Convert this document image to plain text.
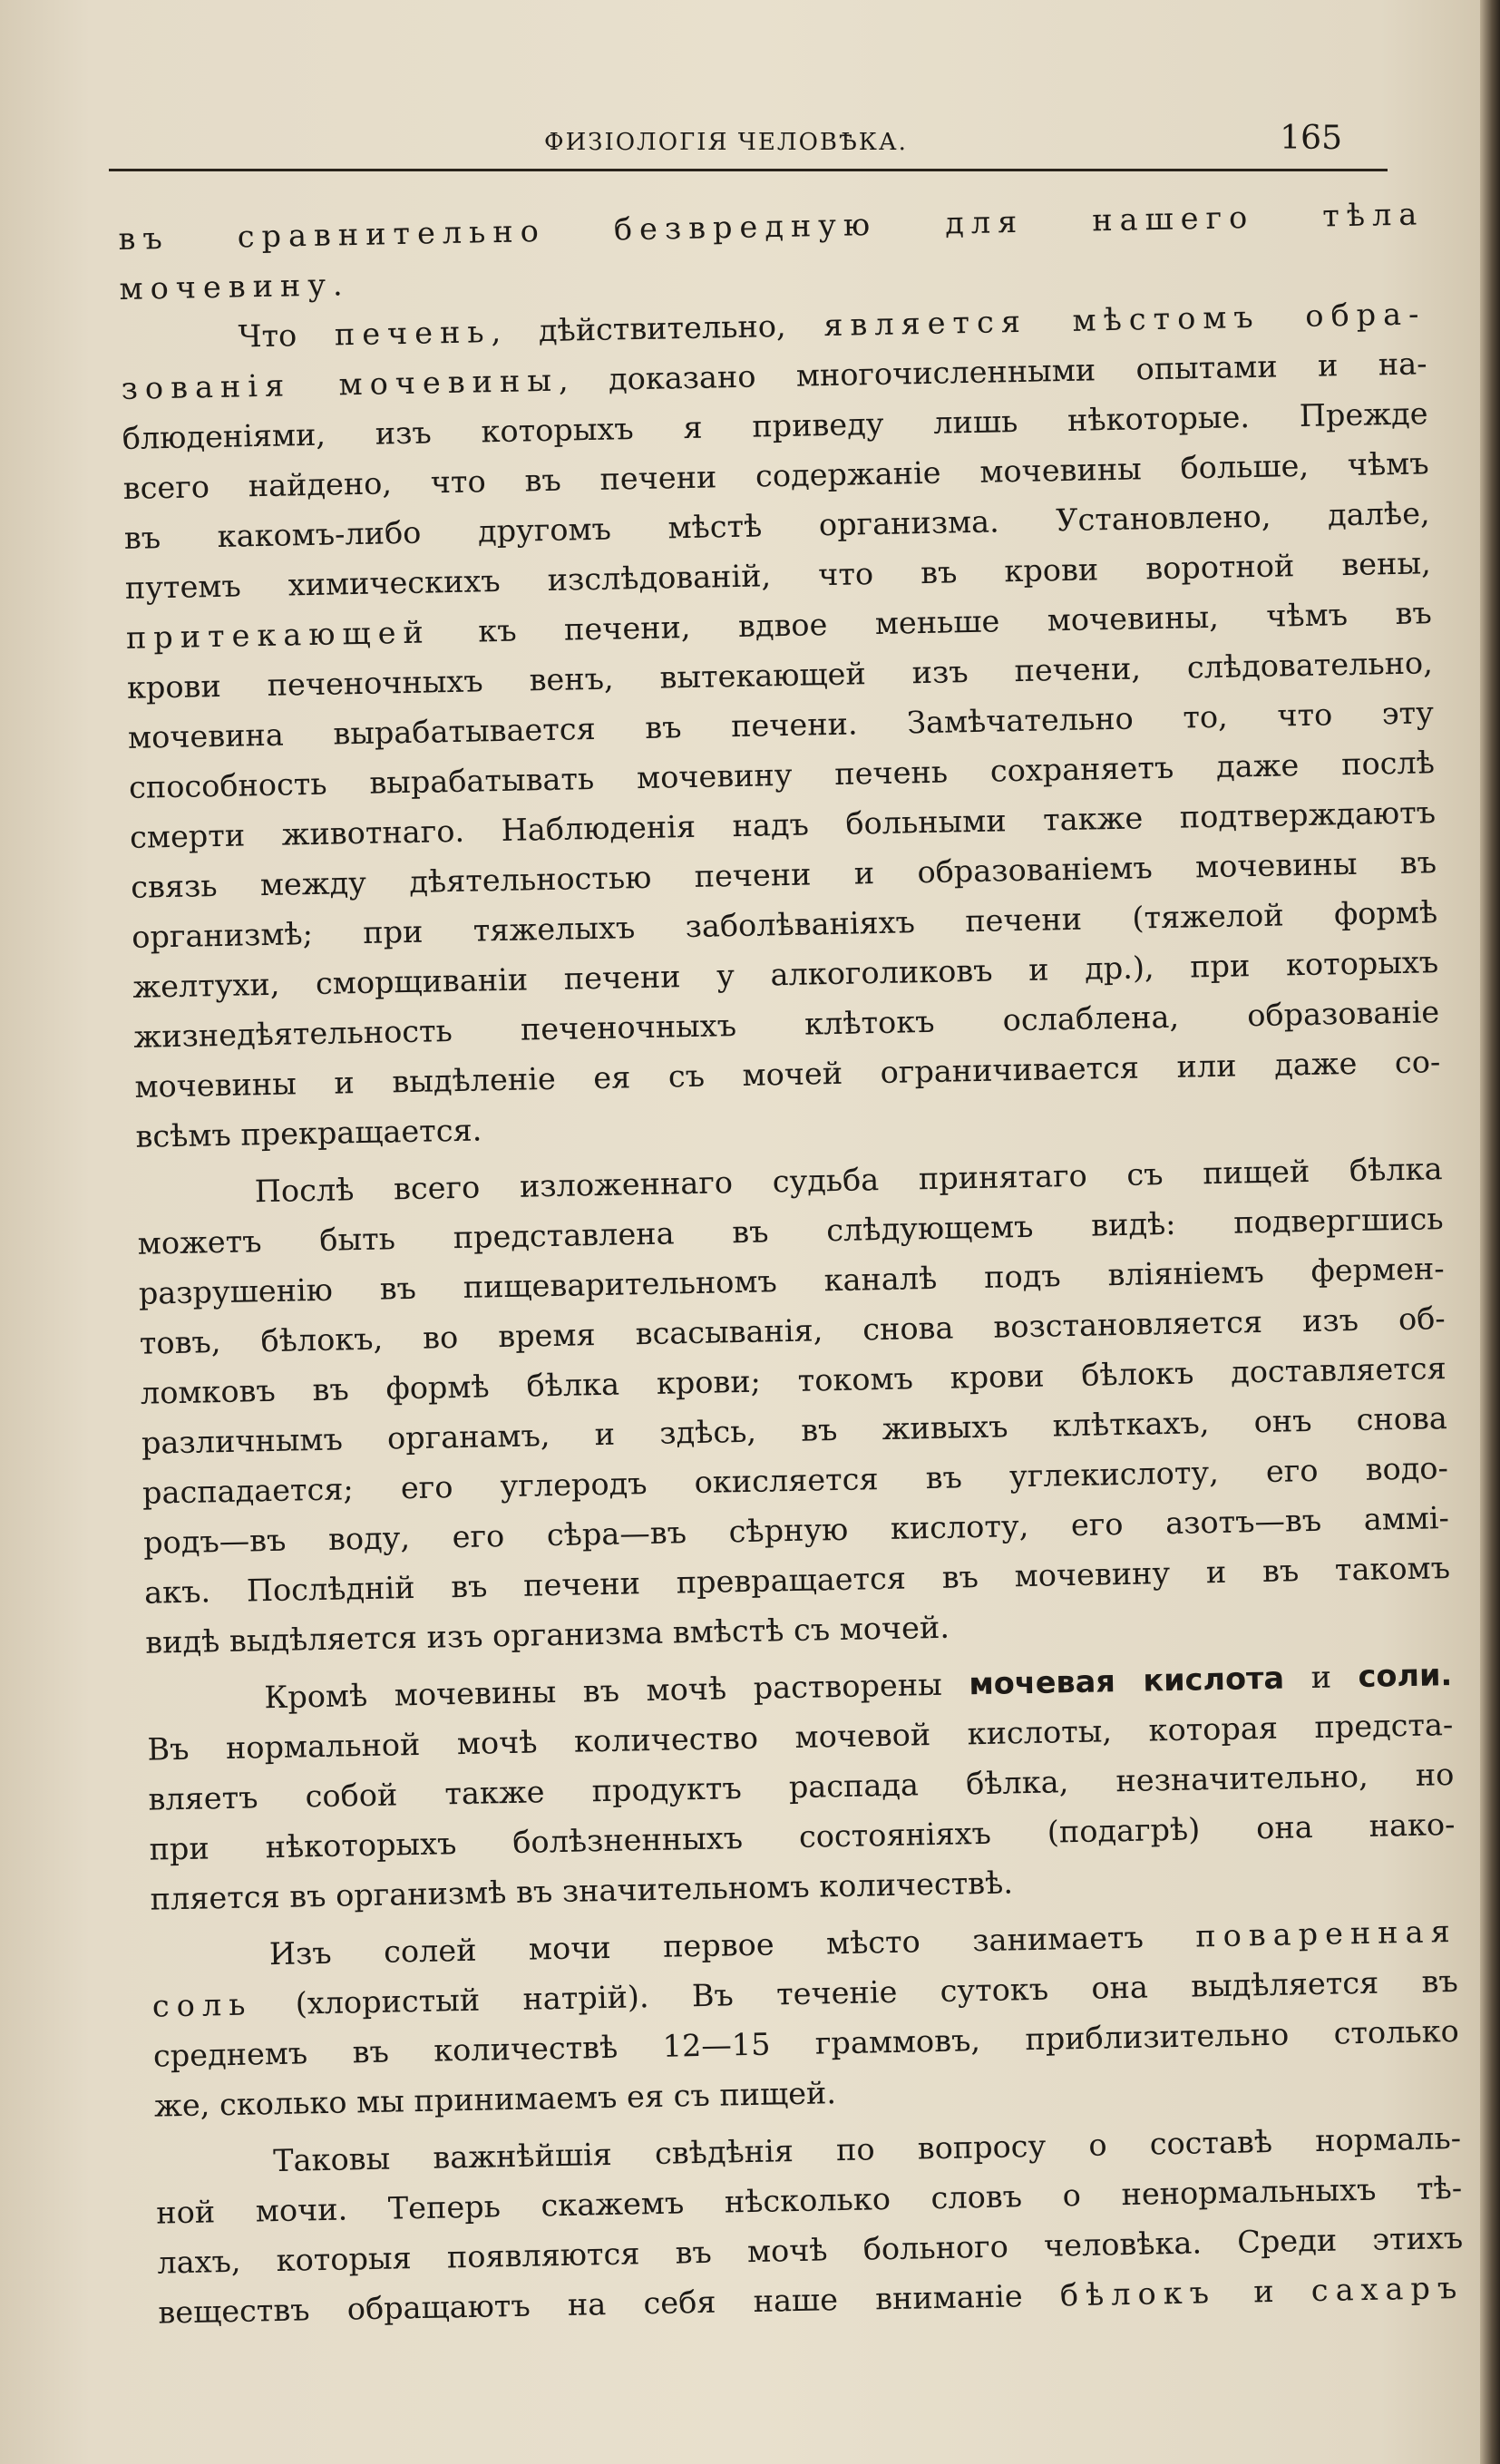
ФИЗІОЛОГІЯ ЧЕЛОВѢКА.	165
въ сравнительно безвредную для нашего тѣла
мочевину.
Что печень, дѣйствительно, является мѣстомъ обра-
зованія мочевины, доказано многочисленными опытами и на-
блюденіями, изъ которыхъ я приведу лишь нѣкоторые. Прежде
всего найдено, что въ печени содержаніе мочевины больше, чѣмъ
въ какомъ-либо другомъ мѣстѣ организма. Установлено, далѣе,
путемъ химическихъ изслѣдованій, что въ крови воротной вены,
притекающей къ печени, вдвое меньше мочевины, чѣмъ въ
крови печеночныхъ венъ, вытекающей изъ печени, слѣдовательно,
мочевина вырабатывается въ печени. Замѣчательно то, что эту
способность вырабатывать мочевину печень сохраняетъ даже послѣ
смерти животнаго. Наблюденія надъ больными также подтверждаютъ
связь между дѣятельностью печени и образованіемъ мочевины въ
организмѣ; при тяжелыхъ заболѣваніяхъ печени (тяжелой формѣ
желтухи, сморщиваніи печени у алкоголиковъ и др.), при которыхъ
жизнедѣятельность печеночныхъ клѣтокъ ослаблена, образованіе
мочевины и выдѣленіе ея съ мочей ограничивается или даже со-
всѣмъ прекращается.
Послѣ всего изложеннаго судьба принятаго съ пищей бѣлка
можетъ быть представлена въ слѣдующемъ видѣ: подвергшись
разрушенію въ пищеварительномъ каналѣ подъ вліяніемъ фермен-
товъ, бѣлокъ, во время всасыванія, снова возстановляется изъ об-
ломковъ въ формѣ бѣлка крови; токомъ крови бѣлокъ доставляется
различнымъ органамъ, и здѣсь, въ живыхъ клѣткахъ, онъ снова
распадается; его углеродъ окисляется въ углекислоту, его водо-
родъ—въ воду, его сѣра—въ сѣрную кислоту, его азотъ—въ аммі-
акъ. Послѣдній въ печени превращается въ мочевину и въ такомъ
видѣ выдѣляется изъ организма вмѣстѣ съ мочей.
Кромѣ мочевины въ мочѣ растворены мочевая кислота и соли.
Въ нормальной мочѣ количество мочевой кислоты, которая предста-
вляетъ собой также продуктъ распада бѣлка, незначительно, но
при нѣкоторыхъ болѣзненныхъ состояніяхъ (подагрѣ) она нако-
пляется въ организмѣ въ значительномъ количествѣ.
Изъ солей мочи первое мѣсто занимаетъ поваренная
соль (хлористый натрій). Въ теченіе сутокъ она выдѣляется въ
среднемъ въ количествѣ 12—15 граммовъ, приблизительно столько
же, сколько мы принимаемъ ея съ пищей.
Таковы важнѣйшія свѣдѣнія по вопросу о составѣ нормаль-
ной мочи. Теперь скажемъ нѣсколько словъ о ненормальныхъ тѣ-
лахъ, которыя появляются въ мочѣ больного человѣка. Среди этихъ
веществъ обращаютъ на себя наше вниманіе бѣлокъ и сахаръ
